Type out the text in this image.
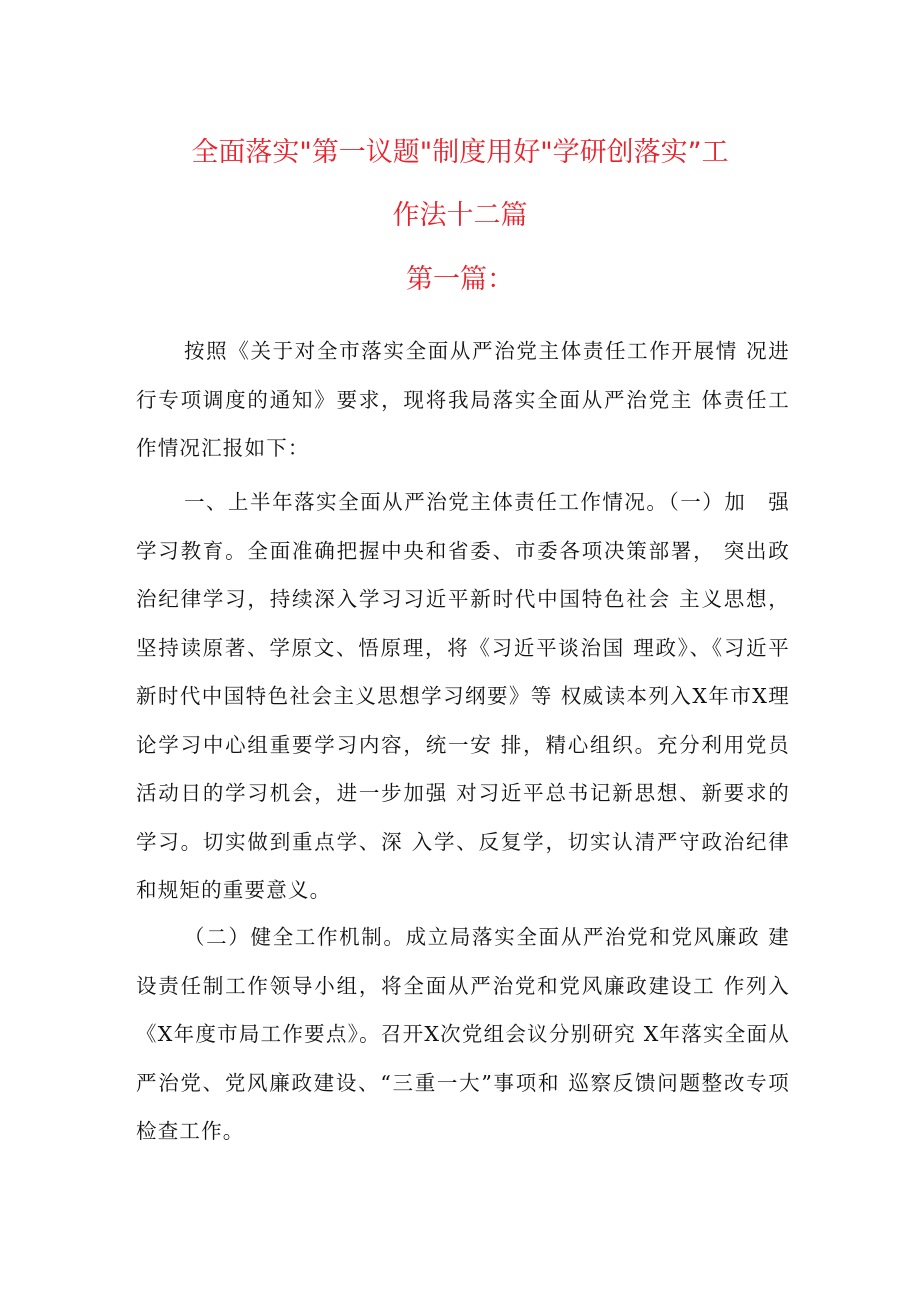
全面落实"第一议题"制度用好"学研创落实”工
作法十二篇
第一篇：

按照《关于对全市落实全面从严治党主体责任工作开展情 况进行专项调度的通知》要求，现将我局落实全面从严治党主 体责任工作情况汇报如下：

一、上半年落实全面从严治党主体责任工作情况。（一）加　强学习教育。全面准确把握中央和省委、市委各项决策部署， 突出政治纪律学习，持续深入学习习近平新时代中国特色社会 主义思想，坚持读原著、学原文、悟原理，将《习近平谈治国 理政》、《习近平新时代中国特色社会主义思想学习纲要》等 权威读本列入X年市X理论学习中心组重要学习内容，统一安 排，精心组织。充分利用党员活动日的学习机会，进一步加强 对习近平总书记新思想、新要求的学习。切实做到重点学、深 入学、反复学，切实认清严守政治纪律和规矩的重要意义。

（二）健全工作机制。成立局落实全面从严治党和党风廉政 建设责任制工作领导小组，将全面从严治党和党风廉政建设工 作列入《X年度市局工作要点》。召开X次党组会议分别研究 X年落实全面从严治党、党风廉政建设、“三重一大”事项和 巡察反馈问题整改专项检查工作。
